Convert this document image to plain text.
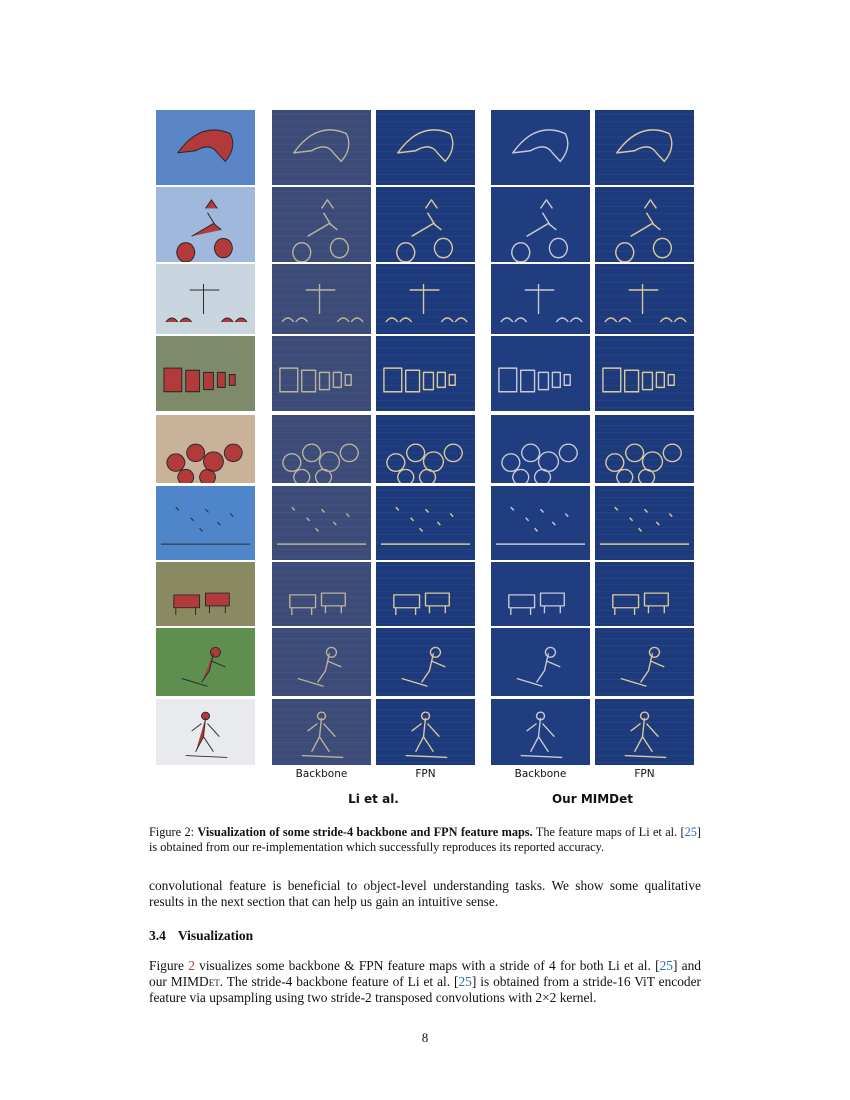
Backbone	FPN	Backbone	FPN
Li et al.	Our MIMDet
Figure 2: Visualization of some stride-4 backbone and FPN feature maps. The feature maps of Li et al. [25] is obtained from our re-implementation which successfully reproduces its reported accuracy.
convolutional feature is beneficial to object-level understanding tasks. We show some qualitative results in the next section that can help us gain an intuitive sense.
3.4 Visualization
Figure 2 visualizes some backbone & FPN feature maps with a stride of 4 for both Li et al. [25] and our MIMDet. The stride-4 backbone feature of Li et al. [25] is obtained from a stride-16 ViT encoder feature via upsampling using two stride-2 transposed convolutions with 2×2 kernel.
8
